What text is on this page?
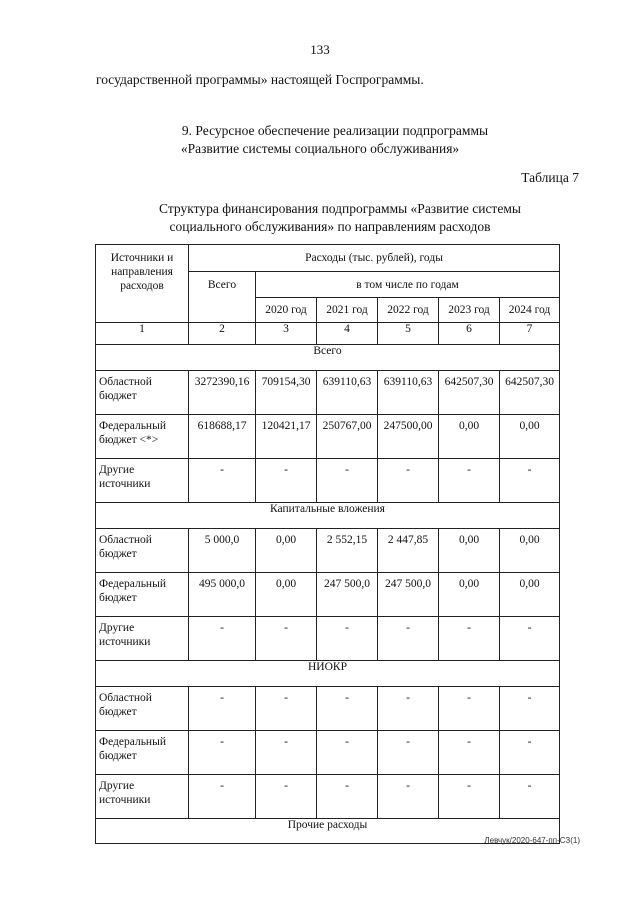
133
государственной программы» настоящей Госпрограммы.
9. Ресурсное обеспечение реализации подпрограммы
«Развитие системы социального обслуживания»
Таблица 7
Структура финансирования подпрограммы «Развитие системы
социального обслуживания» по направлениям расходов
Источники и направления расходов	Расходы (тыс. рублей), годы					
	Всего	в том числе по годам				
		2020 год	2021 год	2022 год	2023 год	2024 год
1	2	3	4	5	6	7
Всего						
Областной бюджет	3272390,16	709154,30	639110,63	639110,63	642507,30	642507,30
Федеральный бюджет <*>	618688,17	120421,17	250767,00	247500,00	0,00	0,00
Другие источники	-	-	-	-	-	-
Капитальные вложения						
Областной бюджет	5 000,0	0,00	2 552,15	2 447,85	0,00	0,00
Федеральный бюджет	495 000,0	0,00	247 500,0	247 500,0	0,00	0,00
Другие источники	-	-	-	-	-	-
НИОКР						
Областной бюджет	-	-	-	-	-	-
Федеральный бюджет	-	-	-	-	-	-
Другие источники	-	-	-	-	-	-
Прочие расходы						
Левчук/2020-647-пп-СЗ(1)
